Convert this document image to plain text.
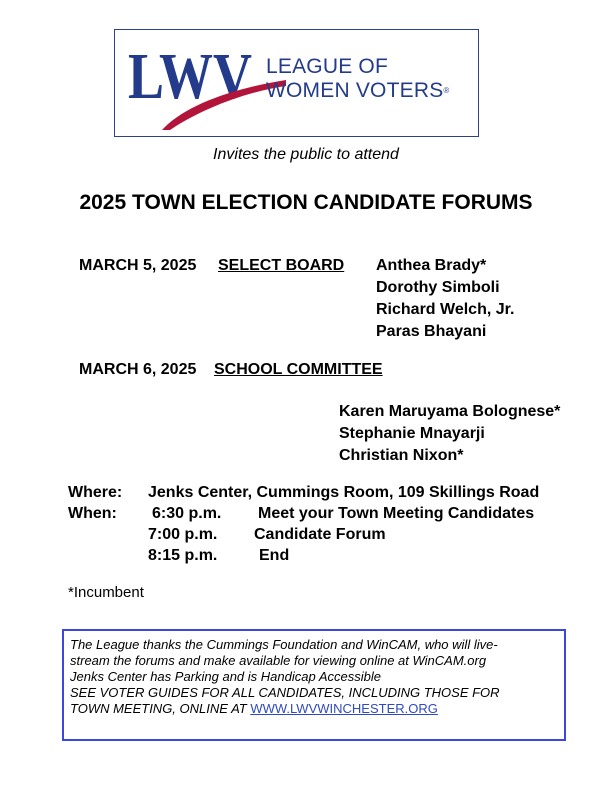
LWV LEAGUE OF
WOMEN VOTERS®
Invites the public to attend
2025 TOWN ELECTION CANDIDATE FORUMS
MARCH 5, 2025 SELECT BOARD Anthea Brady*
Dorothy Simboli
Richard Welch, Jr.
Paras Bhayani
MARCH 6, 2025 SCHOOL COMMITTEE
Karen Maruyama Bolognese*
Stephanie Mnayarji
Christian Nixon*
Where: Jenks Center, Cummings Room, 109 Skillings Road
When: 6:30 p.m. Meet your Town Meeting Candidates
7:00 p.m. Candidate Forum
8:15 p.m.	End
*Incumbent
The League thanks the Cummings Foundation and WinCAM, who will live-
stream the forums and make available for viewing online at WinCAM.org
Jenks Center has Parking and is Handicap Accessible
SEE VOTER GUIDES FOR ALL CANDIDATES, INCLUDING THOSE FOR
TOWN MEETING, ONLINE AT WWW.LWVWINCHESTER.ORG
